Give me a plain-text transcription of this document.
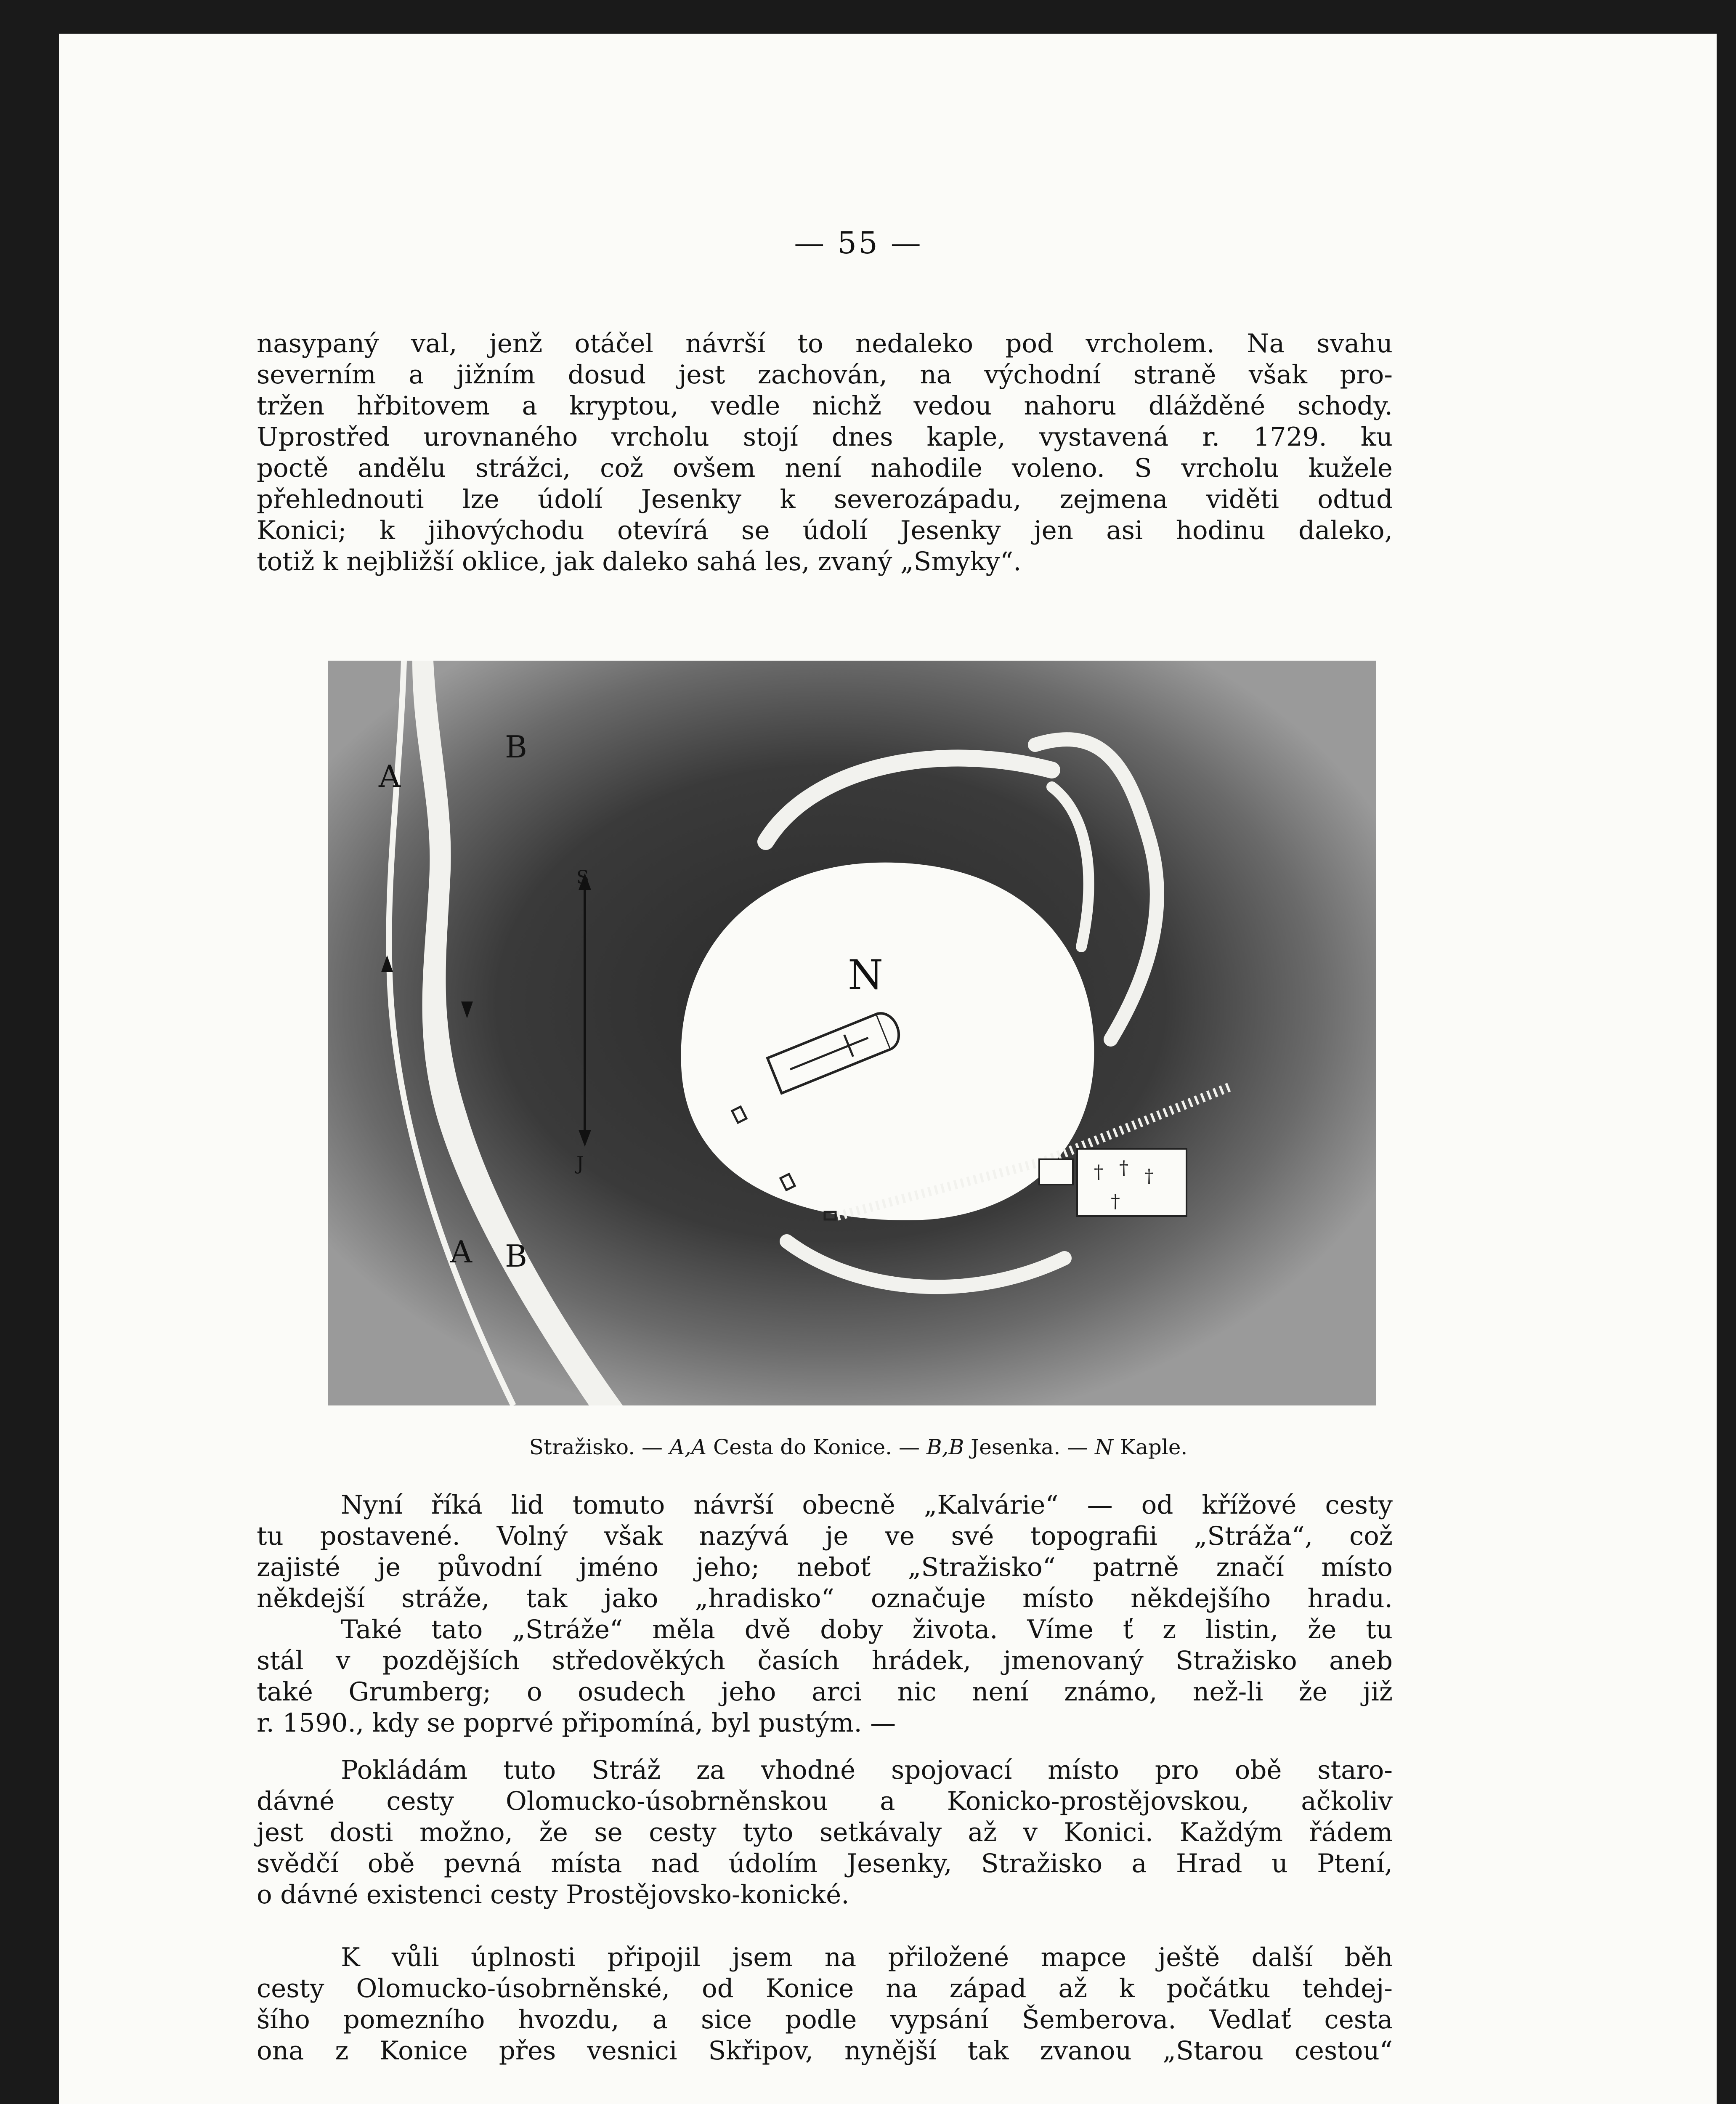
— 55 —
nasypaný val, jenž otáčel návrší to nedaleko pod vrcholem. Na svahu
severním a jižním dosud jest zachován, na východní straně však pro-
tržen hřbitovem a kryptou, vedle nichž vedou nahoru dlážděné schody.
Uprostřed urovnaného vrcholu stojí dnes kaple, vystavená r. 1729. ku
poctě andělu strážci, což ovšem není nahodile voleno. S vrcholu kužele
přehlednouti lze údolí Jesenky k severozápadu, zejmena viděti odtud
Konici; k jihovýchodu otevírá se údolí Jesenky jen asi hodinu daleko,
totiž k nejbližší oklice, jak daleko sahá les, zvaný „Smyky“.
† † †
†
A
B
A B
N
S
J
Stražisko. — A,A Cesta do Konice. — B,B Jesenka. — N Kaple.
Nyní říká lid tomuto návrší obecně „Kalvárie“ — od křížové cesty
tu postavené. Volný však nazývá je ve své topografii „Stráža“, což
zajisté je původní jméno jeho; neboť „Stražisko“ patrně značí místo
někdejší stráže, tak jako „hradisko“ označuje místo někdejšího hradu.
Také tato „Stráže“ měla dvě doby života. Víme ť z listin, že tu
stál v pozdějších středověkých časích hrádek, jmenovaný Stražisko aneb
také Grumberg; o osudech jeho arci nic není známo, než-li že již
r. 1590., kdy se poprvé připomíná, byl pustým. —
Pokládám tuto Stráž za vhodné spojovací místo pro obě staro-
dávné cesty Olomucko-úsobrněnskou a Konicko-prostějovskou, ačkoliv
jest dosti možno, že se cesty tyto setkávaly až v Konici. Každým řádem
svědčí obě pevná místa nad údolím Jesenky, Stražisko a Hrad u Ptení,
o dávné existenci cesty Prostějovsko-konické.
K vůli úplnosti připojil jsem na přiložené mapce ještě další běh
cesty Olomucko-úsobrněnské, od Konice na západ až k počátku tehdej-
šího pomezního hvozdu, a sice podle vypsání Šemberova. Vedlať cesta
ona z Konice přes vesnici Skřipov, nynější tak zvanou „Starou cestou“
